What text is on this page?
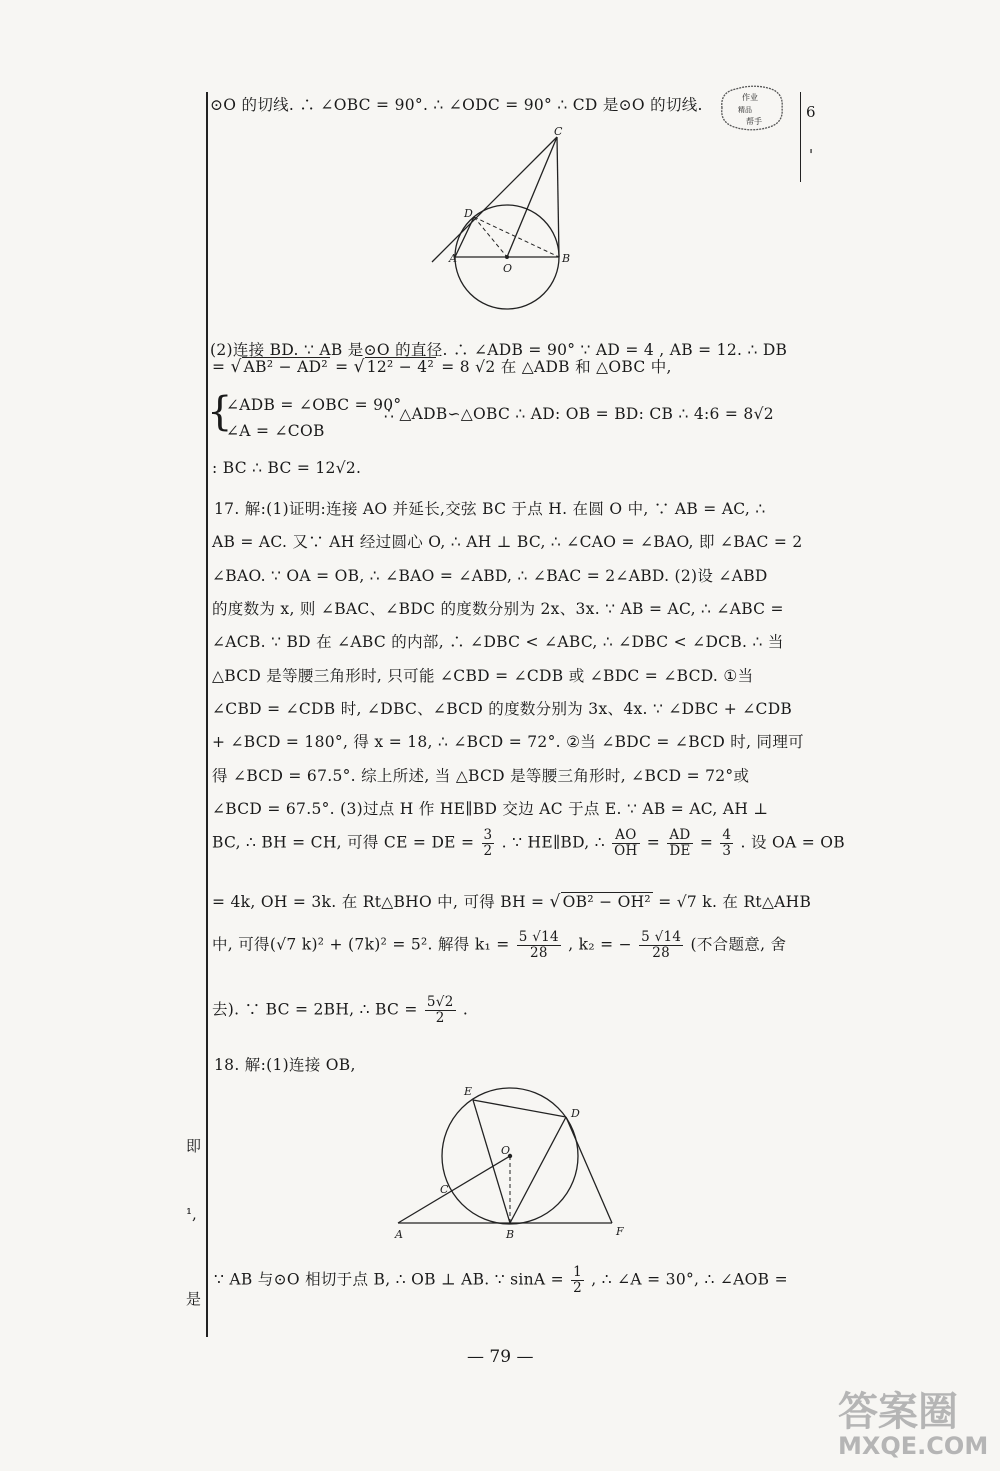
6
'
即
¹,
是
作业
精品
帮手
⊙O 的切线. ∴ ∠OBC = 90°. ∴ ∠ODC = 90° ∴ CD 是⊙O 的切线.
C
D
A
O
B
(2)连接 BD. ∵ AB 是⊙O 的直径. ∴ ∠ADB = 90° ∵ AD = 4 , AB = 12. ∴ DB
= √ AB² − AD² = √ 12² − 4² = 8 √2 在 △ADB 和 △OBC 中,
{
∠ADB = ∠OBC = 90°
∴ △ADB∽△OBC ∴ AD: OB = BD: CB ∴ 4:6 = 8√2
∠A = ∠COB
: BC ∴ BC = 12√2.
17. 解:(1)证明:连接 AO 并延长,交弦 BC 于点 H. 在圆 O 中, ∵ AB = AC, ∴
AB = AC. 又∵ AH 经过圆心 O, ∴ AH ⊥ BC, ∴ ∠CAO = ∠BAO, 即 ∠BAC = 2
∠BAO. ∵ OA = OB, ∴ ∠BAO = ∠ABD, ∴ ∠BAC = 2∠ABD. (2)设 ∠ABD
的度数为 x, 则 ∠BAC、∠BDC 的度数分别为 2x、3x. ∵ AB = AC, ∴ ∠ABC =
∠ACB. ∵ BD 在 ∠ABC 的内部, ∴ ∠DBC < ∠ABC, ∴ ∠DBC < ∠DCB. ∴ 当
△BCD 是等腰三角形时, 只可能 ∠CBD = ∠CDB 或 ∠BDC = ∠BCD. ①当
∠CBD = ∠CDB 时, ∠DBC、∠BCD 的度数分别为 3x、4x. ∵ ∠DBC + ∠CDB
+ ∠BCD = 180°, 得 x = 18, ∴ ∠BCD = 72°. ②当 ∠BDC = ∠BCD 时, 同理可
得 ∠BCD = 67.5°. 综上所述, 当 △BCD 是等腰三角形时, ∠BCD = 72°或
∠BCD = 67.5°. (3)过点 H 作 HE∥BD 交边 AC 于点 E. ∵ AB = AC, AH ⊥
BC, ∴ BH = CH, 可得 CE = DE = $\frac{3}{2}$ . ∵ HE∥BD, ∴ $\frac{AO}{OH} = \frac{AD}{DE} = \frac{4}{3}$ . 设 OA = OB
= 4k, OH = 3k. 在 Rt△BHO 中, 可得 BH = √ OB² − OH² = √7 k. 在 Rt△AHB
中, 可得(√7 k)² + (7k)² = 5². 解得 $k_1 = \frac{5 √14}{28}$ , k₂ = − $\frac{5 √14}{28}$ (不合题意, 舍
去). ∵ BC = 2BH, ∴ BC = $\frac{5√2}{2}$ .
18. 解:(1)连接 OB,
E
D
O
C
A	B	F
∵ AB 与⊙O 相切于点 B, ∴ OB ⊥ AB. ∵ $\sin A = \frac{1}{2}$ , ∴ ∠A = 30°, ∴ ∠AOB =
— 79 —
答案圈
MXQE.COM
